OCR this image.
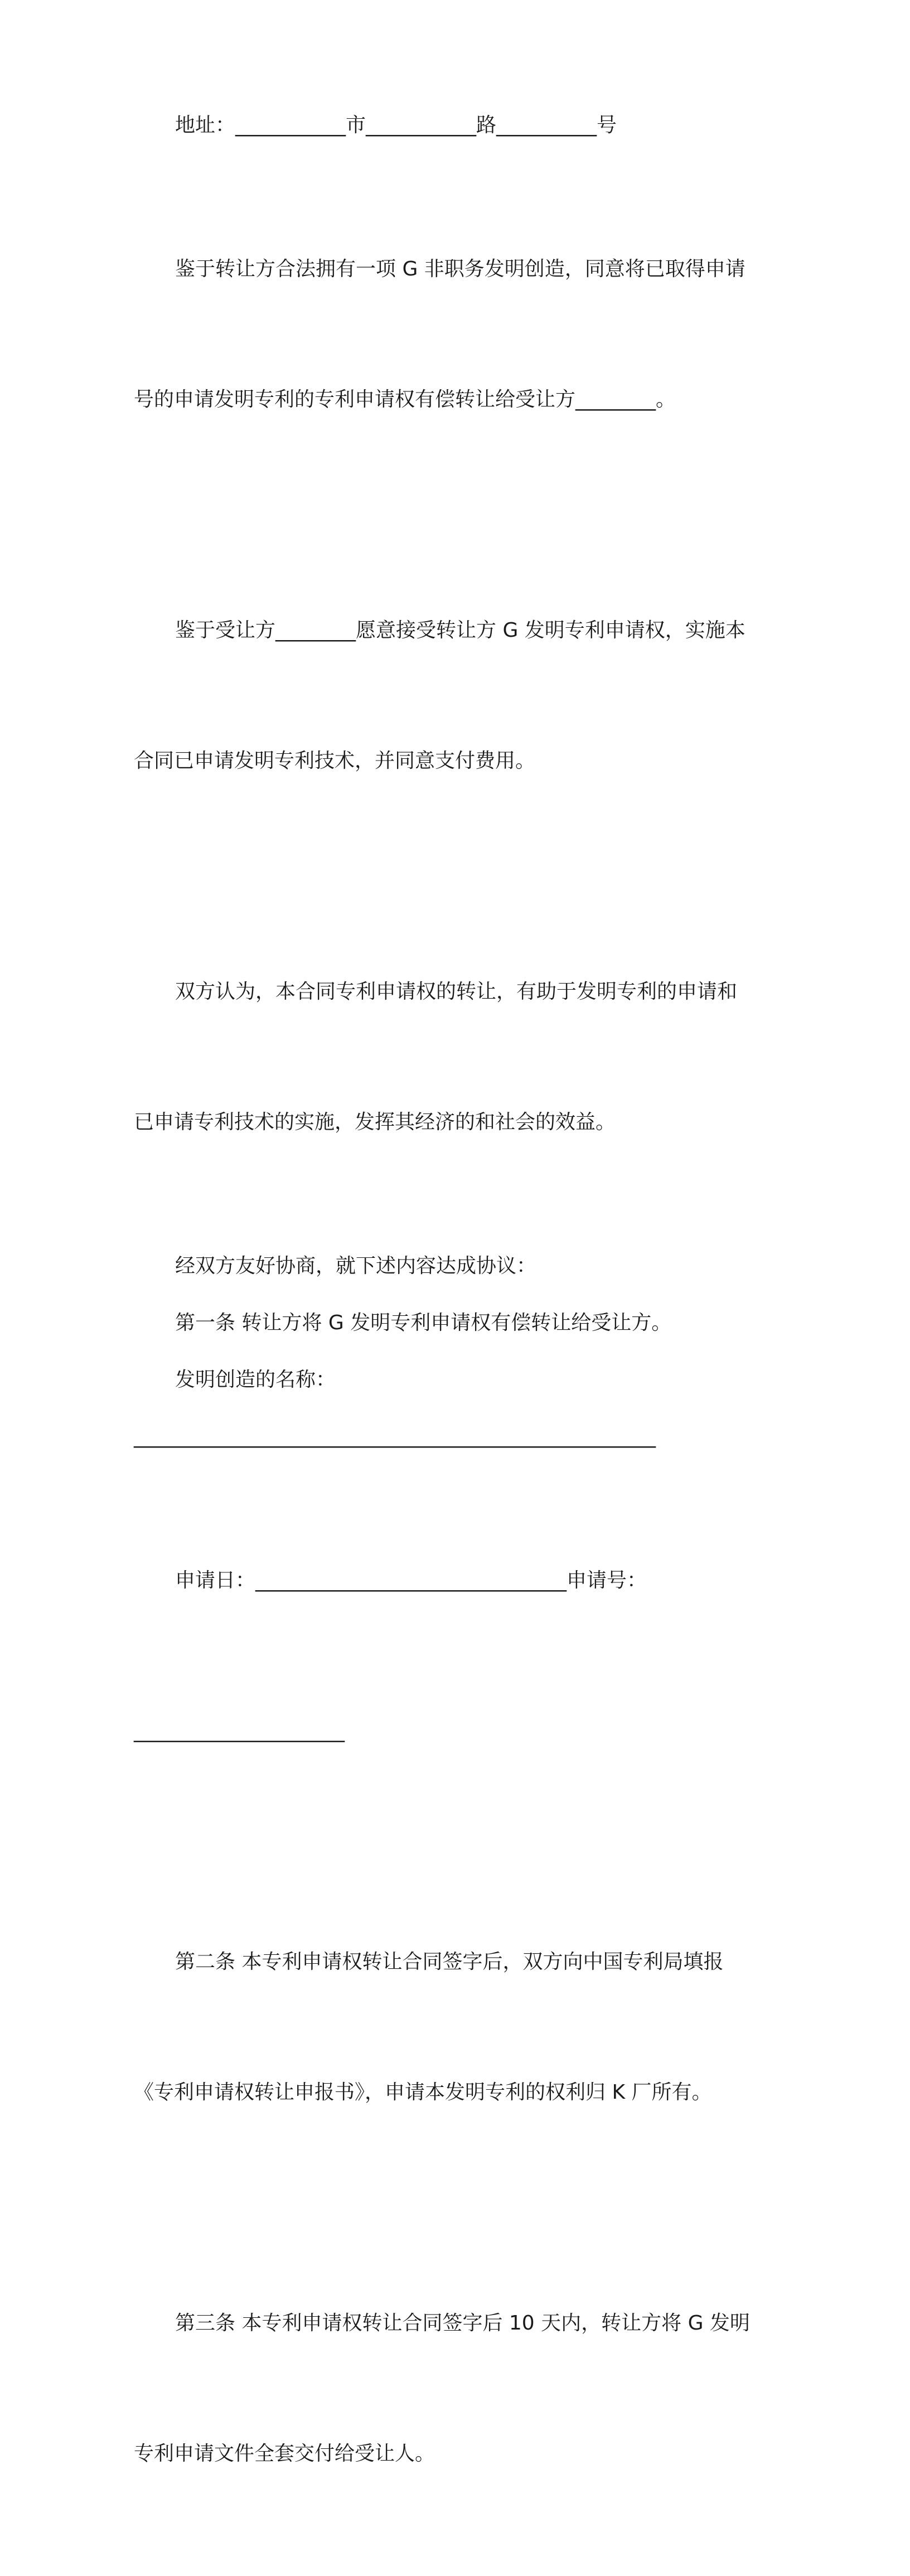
地址：___________市___________路__________号

鉴于转让方合法拥有一项 G 非职务发明创造，同意将已取得申请

号的申请发明专利的专利申请权有偿转让给受让方________。

鉴于受让方________愿意接受转让方 G 发明专利申请权，实施本

合同已申请发明专利技术，并同意支付费用。

双方认为，本合同专利申请权的转让，有助于发明专利的申请和

已申请专利技术的实施，发挥其经济的和社会的效益。

经双方友好协商，就下述内容达成协议：
第一条 转让方将 G 发明专利申请权有偿转让给受让方。
发明创造的名称：
____________________________________________________

申请日：_______________________________申请号：

_____________________

第二条 本专利申请权转让合同签字后，双方向中国专利局填报

《专利申请权转让申报书》，申请本发明专利的权利归 K 厂所有。

第三条 本专利申请权转让合同签字后 10 天内，转让方将 G 发明

专利申请文件全套交付给受让人。
